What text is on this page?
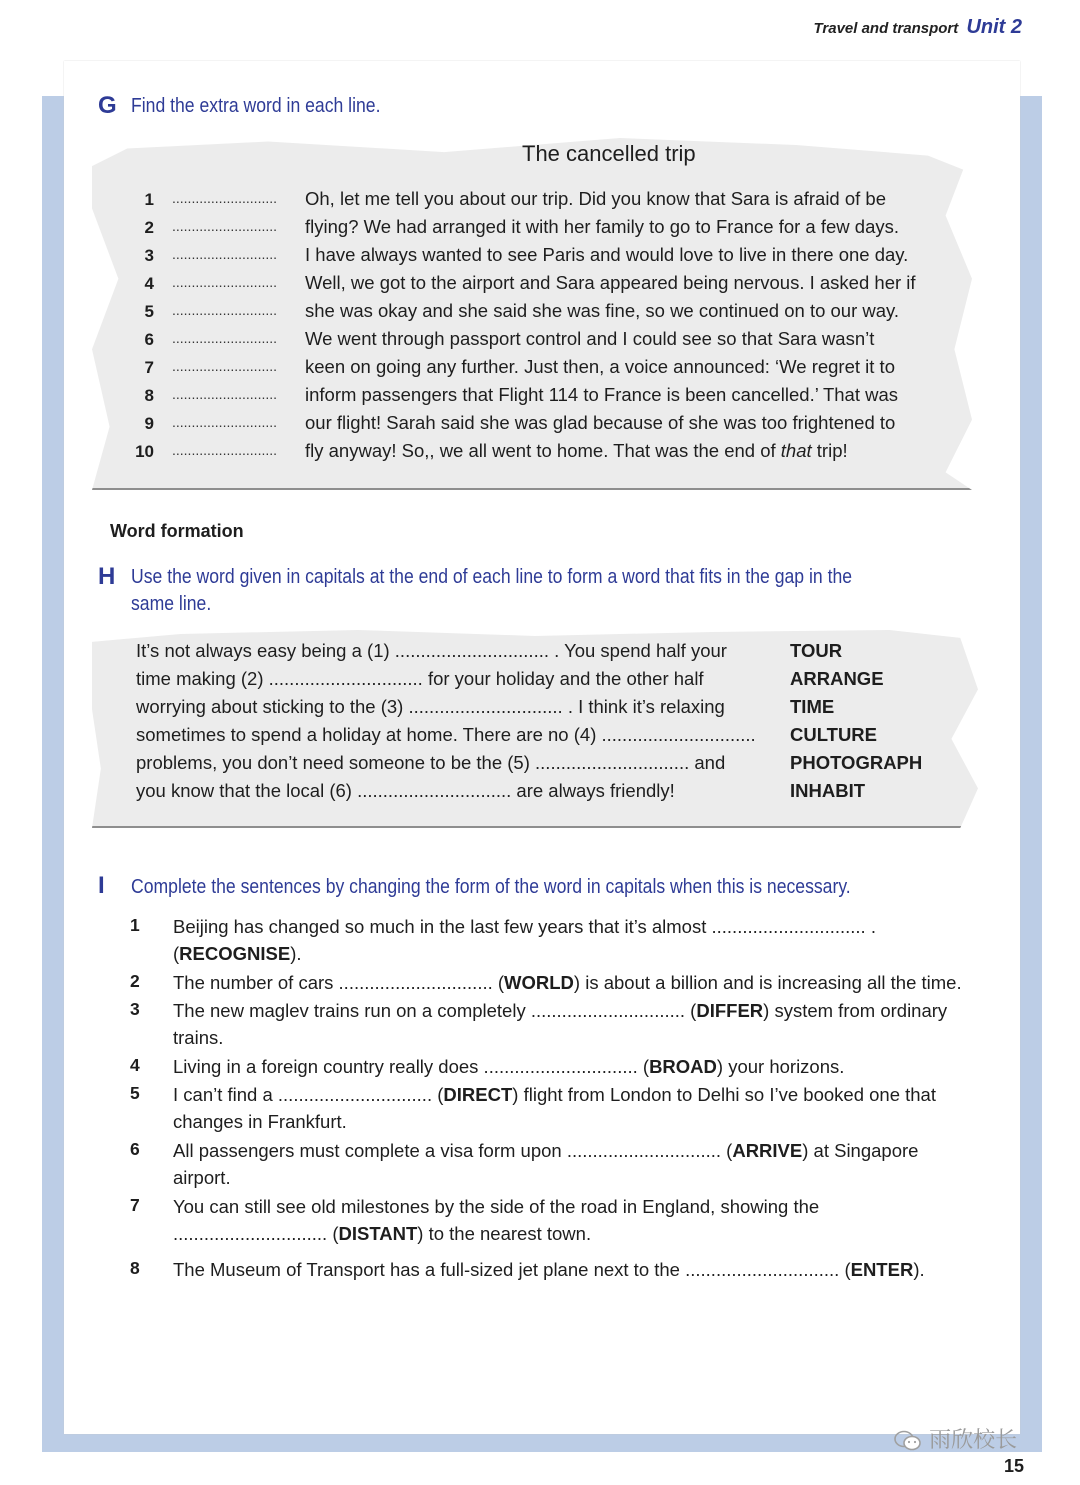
Travel and transport Unit 2
G Find the extra word in each line.
The cancelled trip
1 ........................... Oh, let me tell you about our trip. Did you know that Sara is afraid of be
2 ........................... flying? We had arranged it with her family to go to France for a few days.
3 ........................... I have always wanted to see Paris and would love to live in there one day.
4 ........................... Well, we got to the airport and Sara appeared being nervous. I asked her if
5 ........................... she was okay and she said she was fine, so we continued on to our way.
6 ........................... We went through passport control and I could see so that Sara wasn’t
7 ........................... keen on going any further. Just then, a voice announced: ‘We regret it to
8 ........................... inform passengers that Flight 114 to France is been cancelled.’ That was
9 ........................... our flight! Sarah said she was glad because of she was too frightened to
10 ........................... fly anyway! So,, we all went to home. That was the end of that trip!
Word formation
H Use the word given in capitals at the end of each line to form a word that fits in the gap in the
same line.
It’s not always easy being a (1) .............................. . You spend half your	TOUR
time making (2) .............................. for your holiday and the other half	ARRANGE
worrying about sticking to the (3) .............................. . I think it’s relaxing	TIME
sometimes to spend a holiday at home. There are no (4) .............................. CULTURE
problems, you don’t need someone to be the (5) .............................. and	PHOTOGRAPH
you know that the local (6) .............................. are always friendly!	INHABIT
I Complete the sentences by changing the form of the word in capitals when this is necessary.
1 Beijing has changed so much in the last few years that it’s almost .............................. .
(RECOGNISE).
2 The number of cars .............................. (WORLD) is about a billion and is increasing all the time.
3 The new maglev trains run on a completely .............................. (DIFFER) system from ordinary trains.
4 Living in a foreign country really does .............................. (BROAD) your horizons.
5 I can’t find a .............................. (DIRECT) flight from London to Delhi so I’ve booked one that changes in Frankfurt.
6 All passengers must complete a visa form upon .............................. (ARRIVE) at Singapore airport.
7 You can still see old milestones by the side of the road in England, showing the .............................. (DISTANT) to the nearest town.
8 The Museum of Transport has a full-sized jet plane next to the .............................. (ENTER).
雨欣校长
15
